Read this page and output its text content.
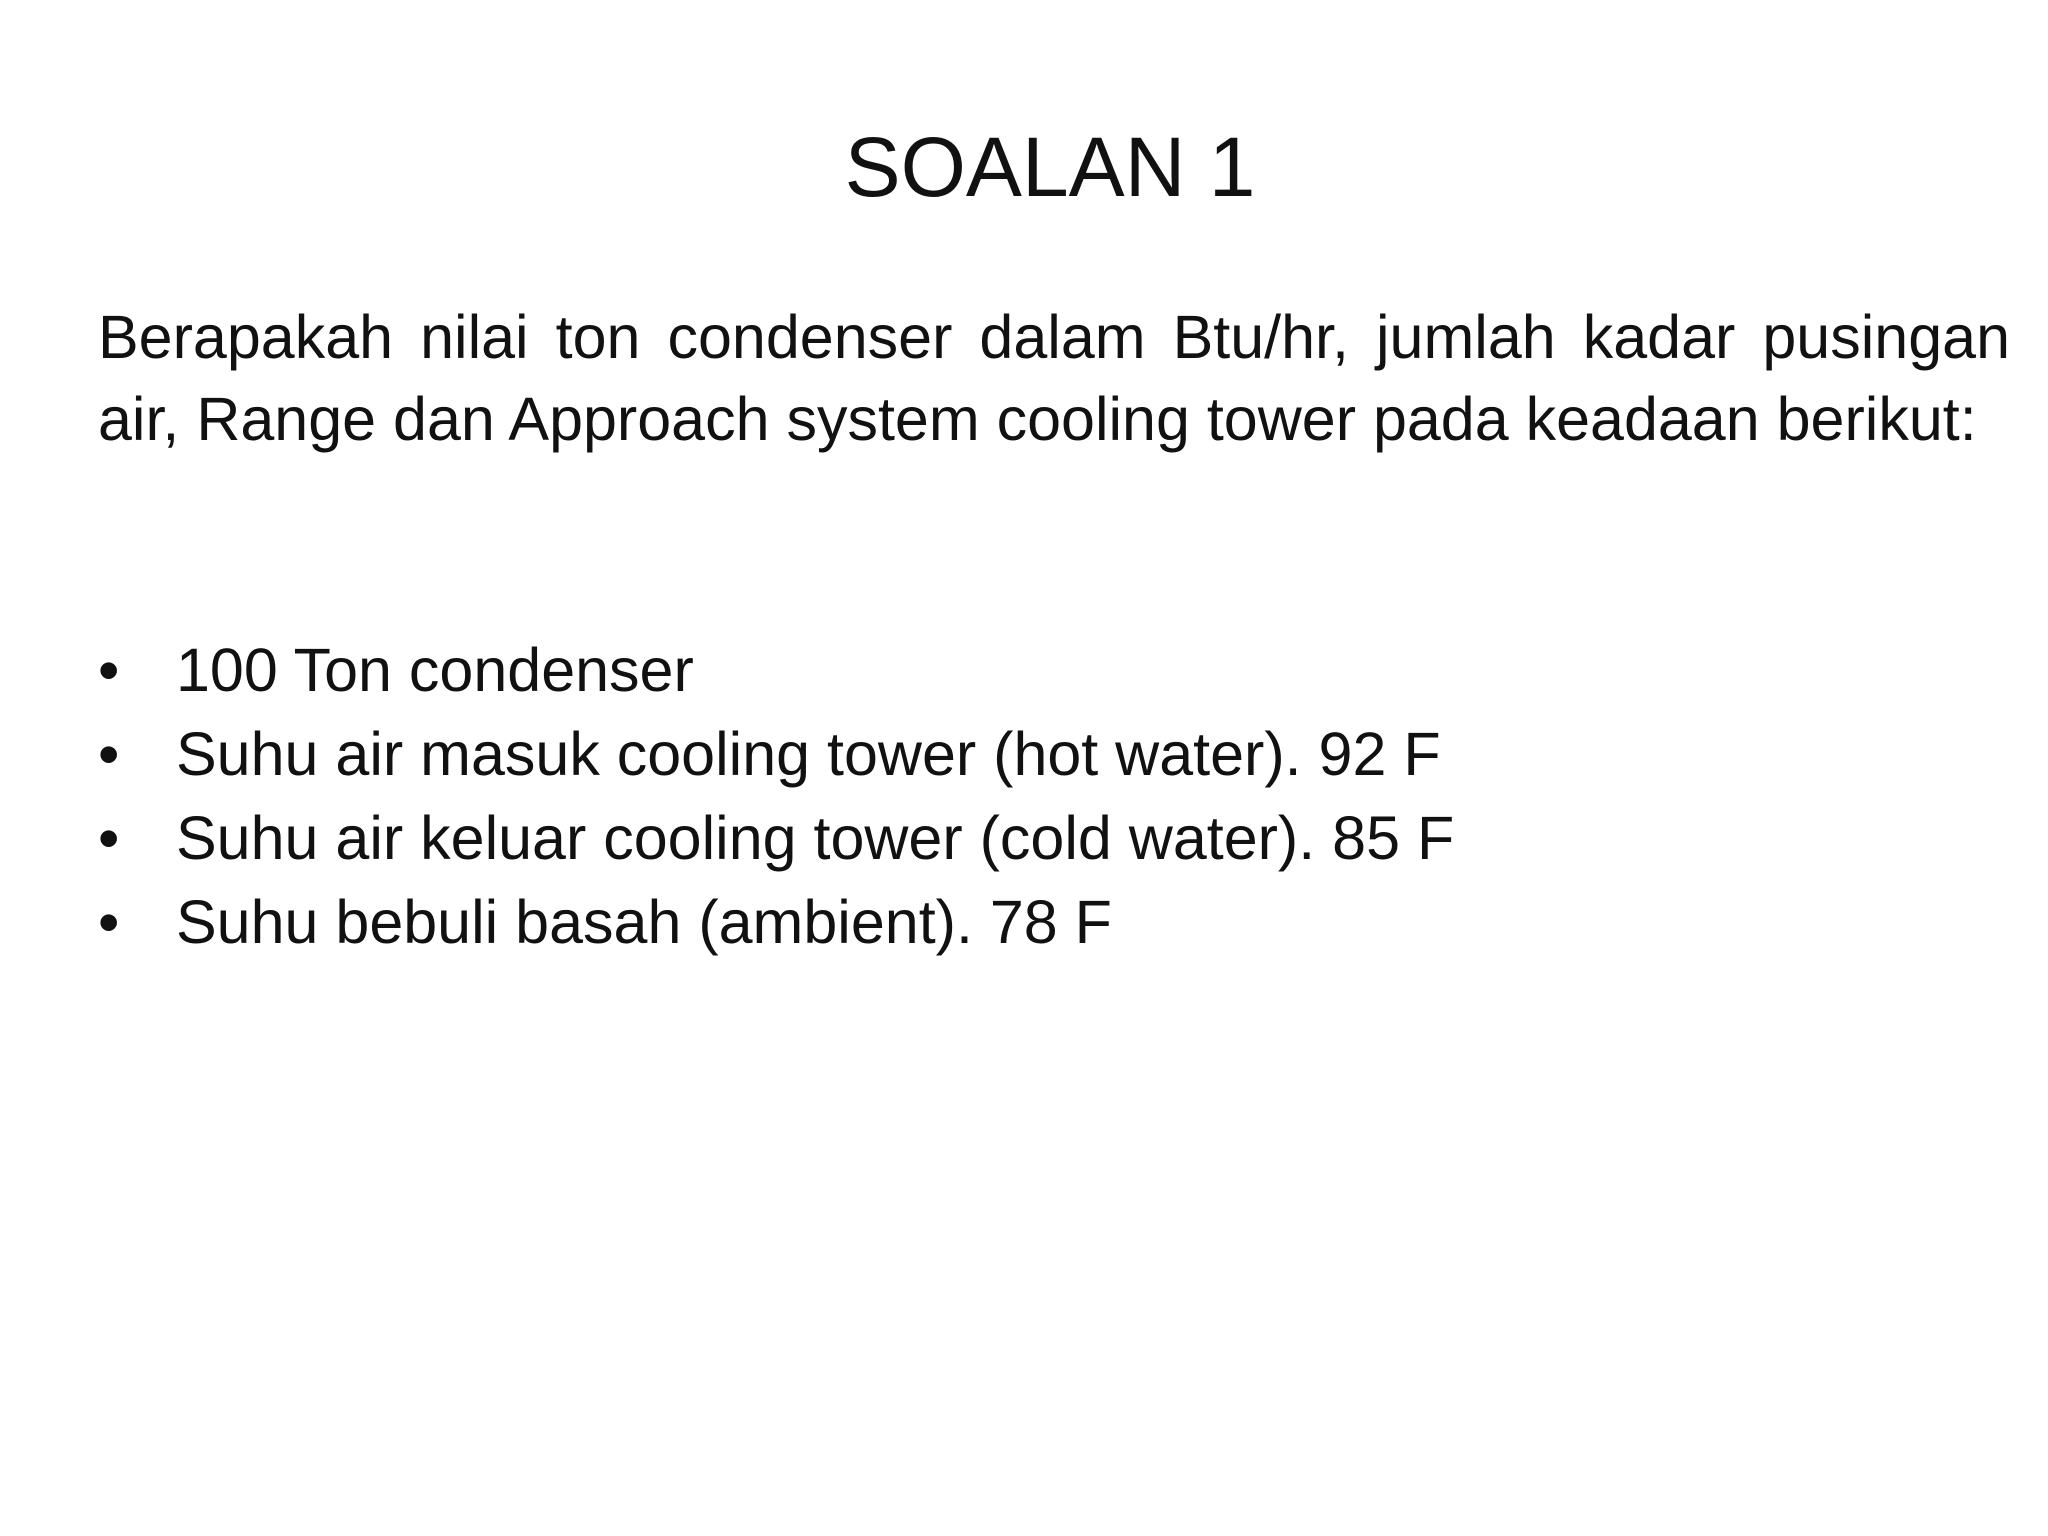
SOALAN 1

Berapakah nilai ton condenser dalam Btu/hr, jumlah kadar pusingan air, Range dan Approach system cooling tower pada keadaan berikut:

• 100 Ton condenser
• Suhu air masuk cooling tower (hot water). 92 F
• Suhu air keluar cooling tower (cold water). 85 F
• Suhu bebuli basah (ambient). 78 F
